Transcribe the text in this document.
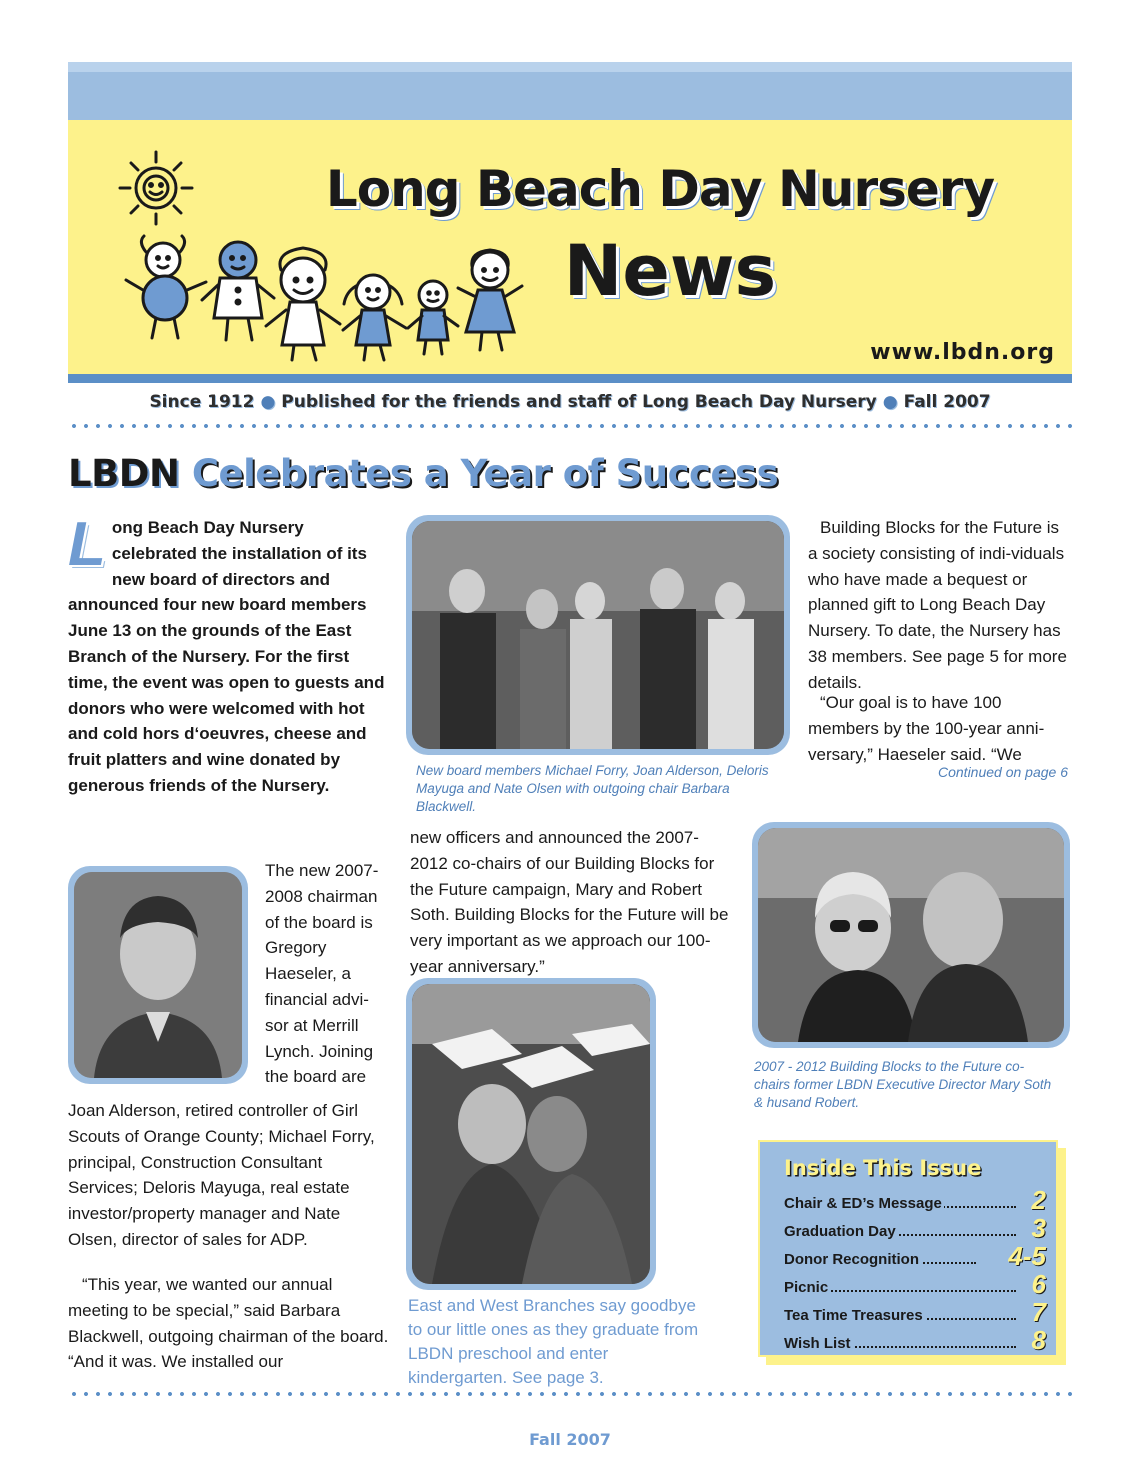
Long Beach Day Nursery
News
www.lbdn.org
Since 1912 ● Published for the friends and staff of Long Beach Day Nursery ● Fall 2007
LBDN Celebrates a Year of Success
Long Beach Day Nursery celebrated the installation of its new board of directors and announced four new board members June 13 on the grounds of the East Branch of the Nursery. For the first time, the event was open to guests and donors who were welcomed with hot and cold hors d‘oeuvres, cheese and fruit platters and wine donated by generous friends of the Nursery.
The new 2007-2008 chairman of the board is Gregory Haeseler, a financial advi-sor at Merrill Lynch. Joining the board are
Joan Alderson, retired controller of Girl Scouts of Orange County; Michael Forry, principal, Construction Consultant Services; Deloris Mayuga, real estate investor/property manager and Nate Olsen, director of sales for ADP.
“This year, we wanted our annual meeting to be special,” said Barbara Blackwell, outgoing chairman of the board. “And it was. We installed our
New board members Michael Forry, Joan Alderson, Deloris Mayuga and Nate Olsen with outgoing chair Barbara Blackwell.
new officers and announced the 2007-2012 co-chairs of our Building Blocks for the Future campaign, Mary and Robert Soth. Building Blocks for the Future will be very important as we approach our 100-year anniversary.”
East and West Branches say goodbye to our little ones as they graduate from LBDN preschool and enter kindergarten. See page 3.
Building Blocks for the Future is a society consisting of indi-viduals who have made a bequest or planned gift to Long Beach Day Nursery. To date, the Nursery has 38 members. See page 5 for more details.
“Our goal is to have 100 members by the 100-year anni-versary,” Haeseler said. “We
Continued on page 6
2007 - 2012 Building Blocks to the Future co-chairs former LBDN Executive Director Mary Soth & husand Robert.
Inside This Issue
Chair & ED’s Message	2
Graduation Day	3
Donor Recognition	4-5
Picnic	6
Tea Time Treasures	7
Wish List	8
Fall 2007
